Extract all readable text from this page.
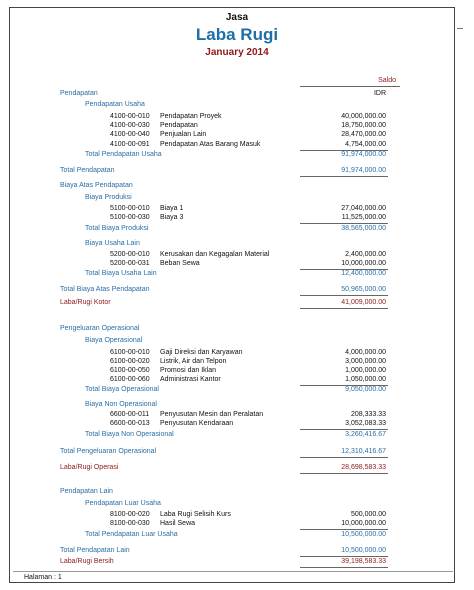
Jasa
Laba Rugi
January 2014
Saldo
IDR
Pendapatan
Pendapatan Usaha
4100-00-010 Pendapatan Proyek	40,000,000.00
4100-00-030 Pendapatan	18,750,000.00
4100-00-040 Penjualan Lain	28,470,000.00
4100-00-091 Pendapatan Atas Barang Masuk	4,754,000.00
Total Pendapatan Usaha	91,974,000.00
Total Pendapatan	91,974,000.00
Biaya Atas Pendapatan
Biaya Produksi
5100-00-010 Biaya 1	27,040,000.00
5100-00-030 Biaya 3	11,525,000.00
Total Biaya Produksi	38,565,000.00
Biaya Usaha Lain
5200-00-010 Kerusakan dan Kegagalan Material	2,400,000.00
5200-00-031 Beban Sewa	10,000,000.00
Total Biaya Usaha Lain	12,400,000.00
Total Biaya Atas Pendapatan	50,965,000.00
Laba/Rugi Kotor	41,009,000.00
Pengeluaran Operasional
Biaya Operasional
6100-00-010 Gaji Direksi dan Karyawan	4,000,000.00
6100-00-020 Listrik, Air dan Telpon	3,000,000.00
6100-00-050 Promosi dan Iklan	1,000,000.00
6100-00-060 Administrasi Kantor	1,050,000.00
Total Biaya Operasional	9,050,000.00
Biaya Non Operasional
6600-00-011 Penyusutan Mesin dan Peralatan	208,333.33
6600-00-013 Penyusutan Kendaraan	3,052,083.33
Total Biaya Non Operasional	3,260,416.67
Total Pengeluaran Operasional	12,310,416.67
Laba/Rugi Operasi	28,698,583.33
Pendapatan Lain
Pendapatan Luar Usaha
8100-00-020 Laba Rugi Selisih Kurs	500,000.00
8100-00-030 Hasil Sewa	10,000,000.00
Total Pendapatan Luar Usaha	10,500,000.00
Total Pendapatan Lain	10,500,000.00
Laba/Rugi Bersih	39,198,583.33
Halaman : 1
